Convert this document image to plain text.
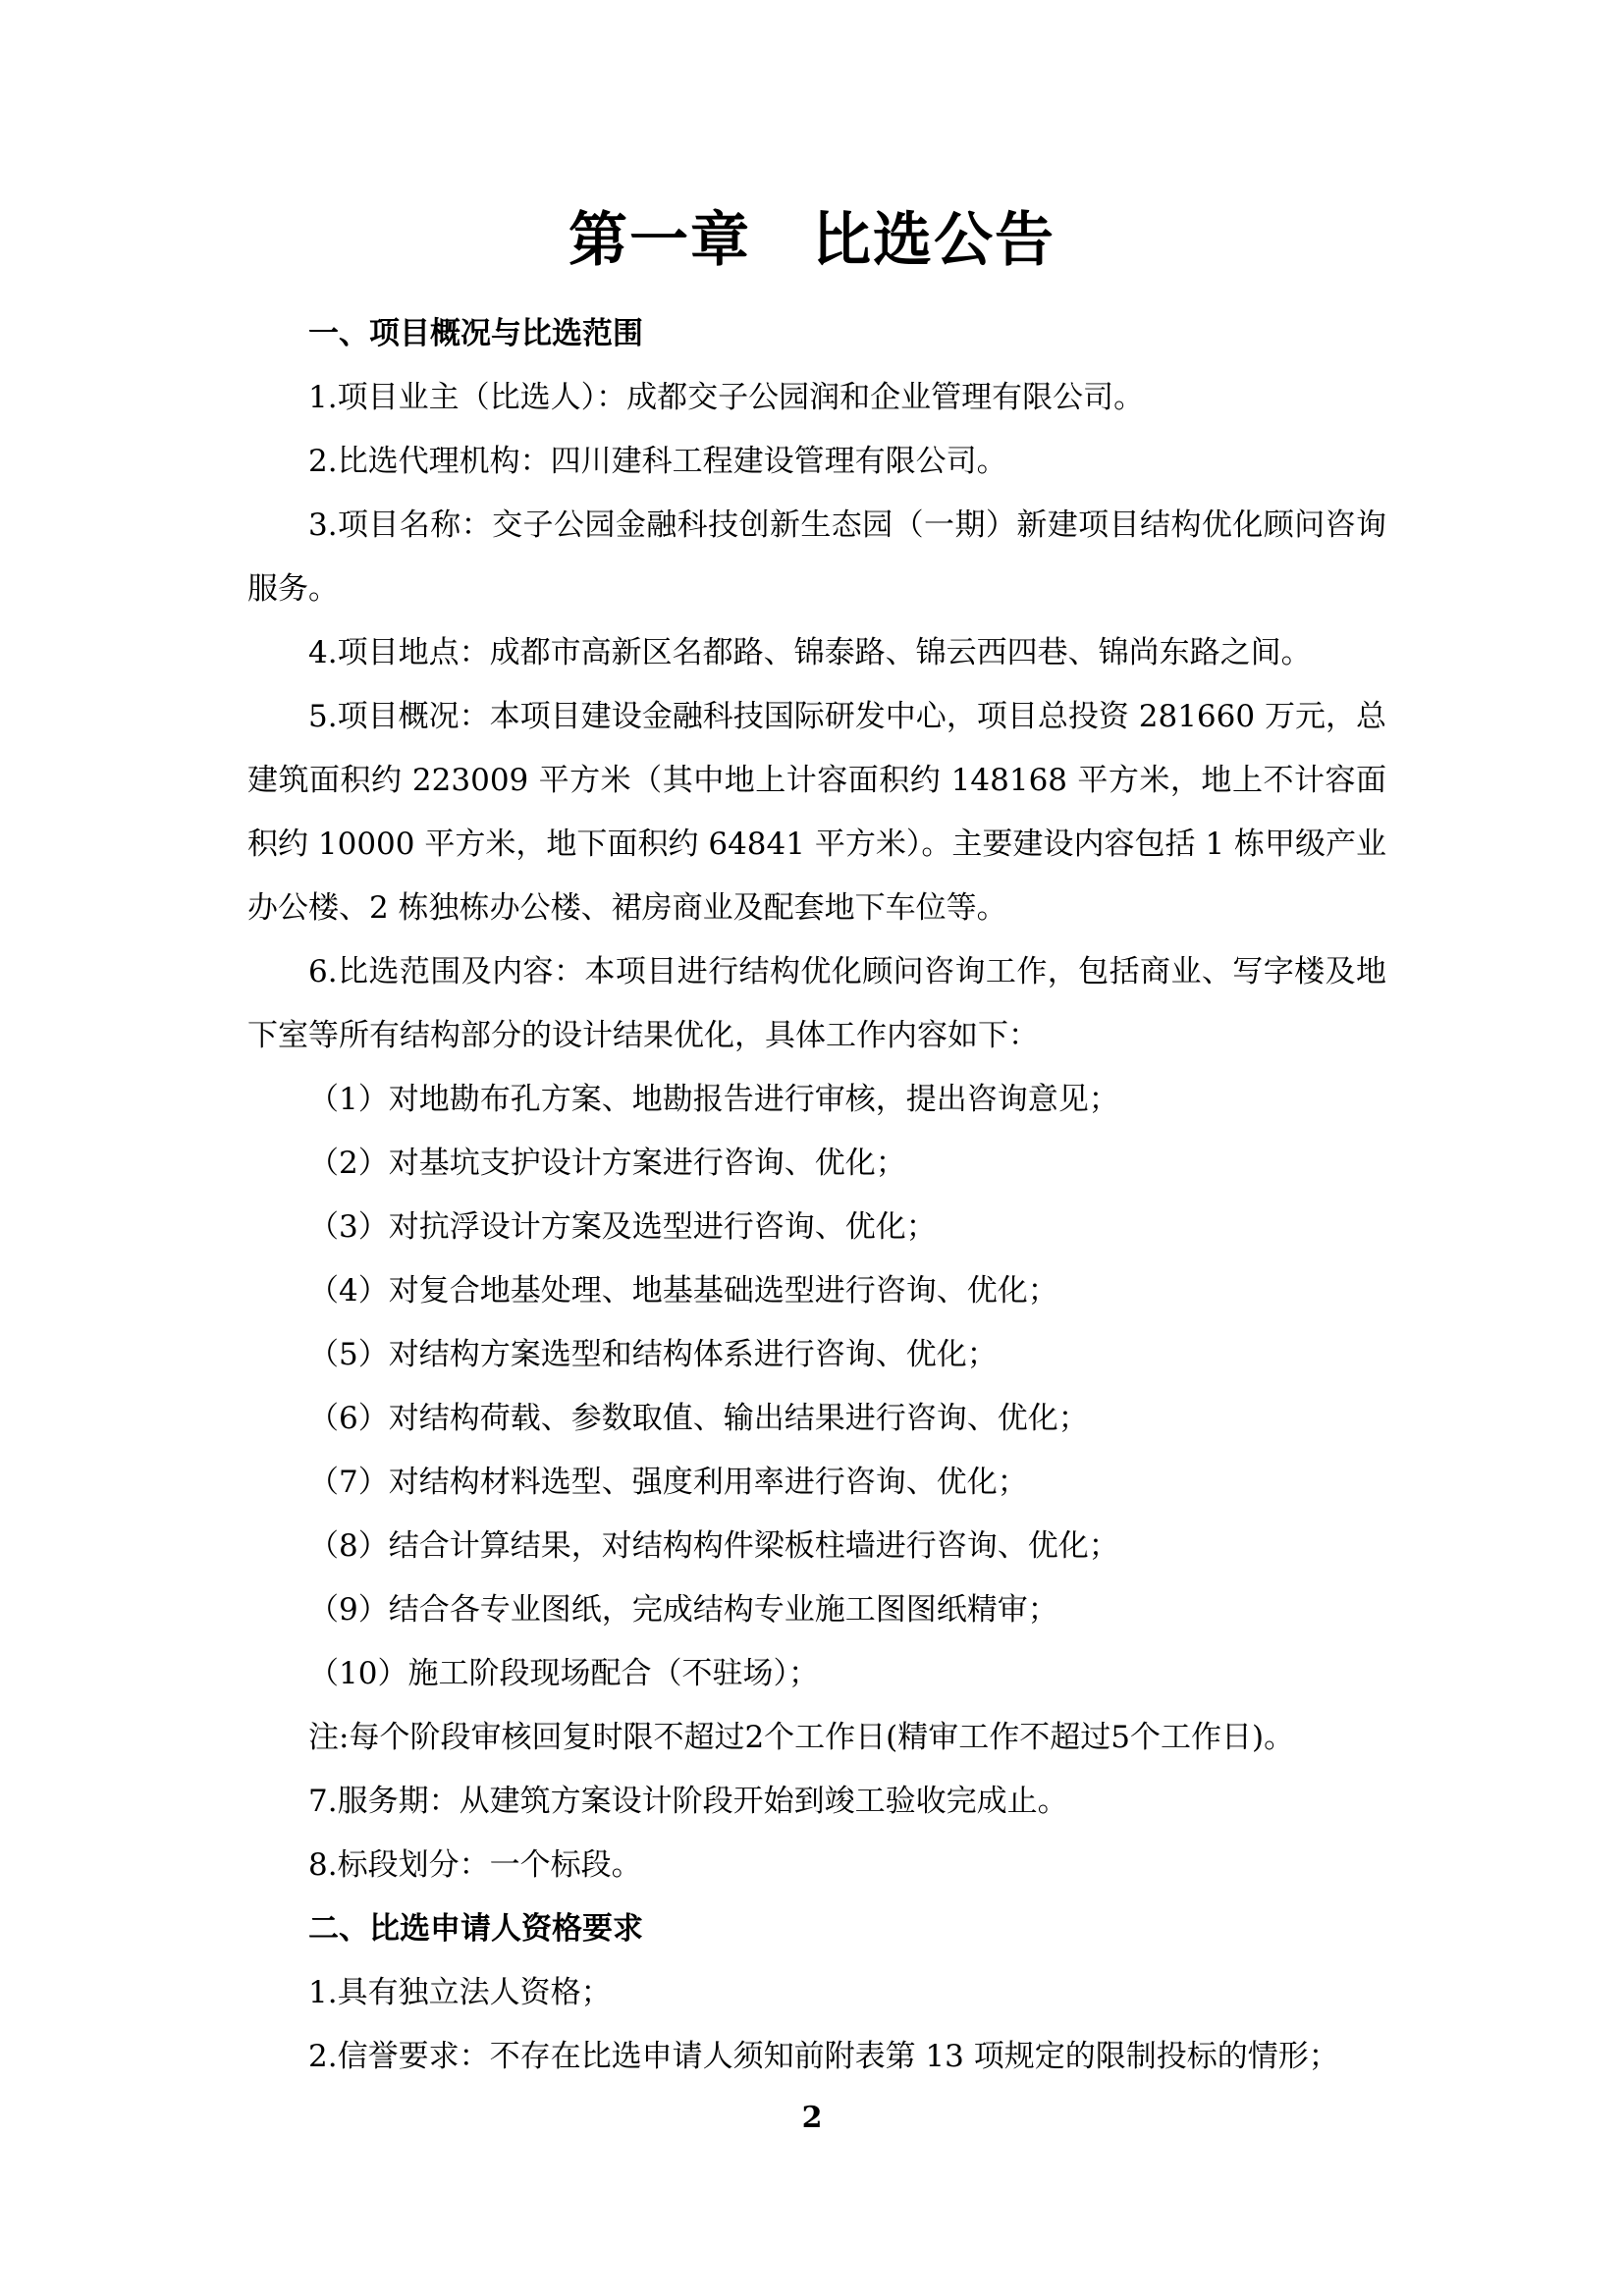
第一章　比选公告

一、项目概况与比选范围

1.项目业主（比选人）：成都交子公园润和企业管理有限公司。

2.比选代理机构：四川建科工程建设管理有限公司。

3.项目名称：交子公园金融科技创新生态园（一期）新建项目结构优化顾问咨询服务。

4.项目地点：成都市高新区名都路、锦泰路、锦云西四巷、锦尚东路之间。

5.项目概况：本项目建设金融科技国际研发中心，项目总投资 281660 万元，总建筑面积约 223009 平方米（其中地上计容面积约 148168 平方米，地上不计容面积约 10000 平方米，地下面积约 64841 平方米）。主要建设内容包括 1 栋甲级产业办公楼、2 栋独栋办公楼、裙房商业及配套地下车位等。

6.比选范围及内容：本项目进行结构优化顾问咨询工作，包括商业、写字楼及地下室等所有结构部分的设计结果优化，具体工作内容如下：

（1）对地勘布孔方案、地勘报告进行审核，提出咨询意见；

（2）对基坑支护设计方案进行咨询、优化；

（3）对抗浮设计方案及选型进行咨询、优化；

（4）对复合地基处理、地基基础选型进行咨询、优化；

（5）对结构方案选型和结构体系进行咨询、优化；

（6）对结构荷载、参数取值、输出结果进行咨询、优化；

（7）对结构材料选型、强度利用率进行咨询、优化；

（8）结合计算结果，对结构构件梁板柱墙进行咨询、优化；

（9）结合各专业图纸，完成结构专业施工图图纸精审；

（10）施工阶段现场配合（不驻场）；

注:每个阶段审核回复时限不超过2个工作日(精审工作不超过5个工作日)。

7.服务期：从建筑方案设计阶段开始到竣工验收完成止。

8.标段划分：一个标段。

二、比选申请人资格要求

1.具有独立法人资格；

2.信誉要求：不存在比选申请人须知前附表第 13 项规定的限制投标的情形；

2
